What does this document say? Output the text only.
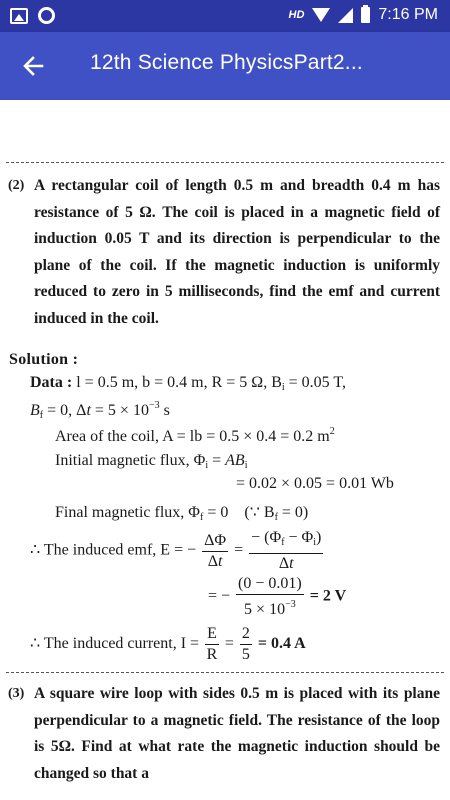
HD	7:16 PM
12th Science PhysicsPart2...
(2) A rectangular coil of length 0.5 m and breadth 0.4 m has resistance of 5 Ω. The coil is placed in a magnetic field of induction 0.05 T and its direction is perpendicular to the plane of the coil. If the magnetic induction is uniformly reduced to zero in 5 milliseconds, find the emf and current induced in the coil.
Solution :
Data : l = 0.5 m, b = 0.4 m, R = 5 Ω, $B_i = 0.05$ T,
$B_f = 0$, $\Delta t = 5 \times 10^{-3}$ s
Area of the coil, A = lb = 0.5 × 0.4 = 0.2 $m^2$
Initial magnetic flux, $\Phi_i = AB_i$
= 0.02 × 0.05 = 0.01 Wb
Final magnetic flux, $\Phi_f = 0$    (∵ $B_f = 0$)
∴ The induced emf, E = − $\frac{\Delta\Phi}{\Delta t} = \frac{- (\Phi_f - \Phi_i)}{\Delta t}$
= − $\frac{(0 - 0.01)}{5 \times 10^{-3}} = 2$ V
∴ The induced current, $I = \frac{E}{R} = \frac{2}{5} = 0.4$ A
(3) A square wire loop with sides 0.5 m is placed with its plane perpendicular to a magnetic field. The resistance of the loop is 5Ω. Find at what rate the magnetic induction should be changed so that a
